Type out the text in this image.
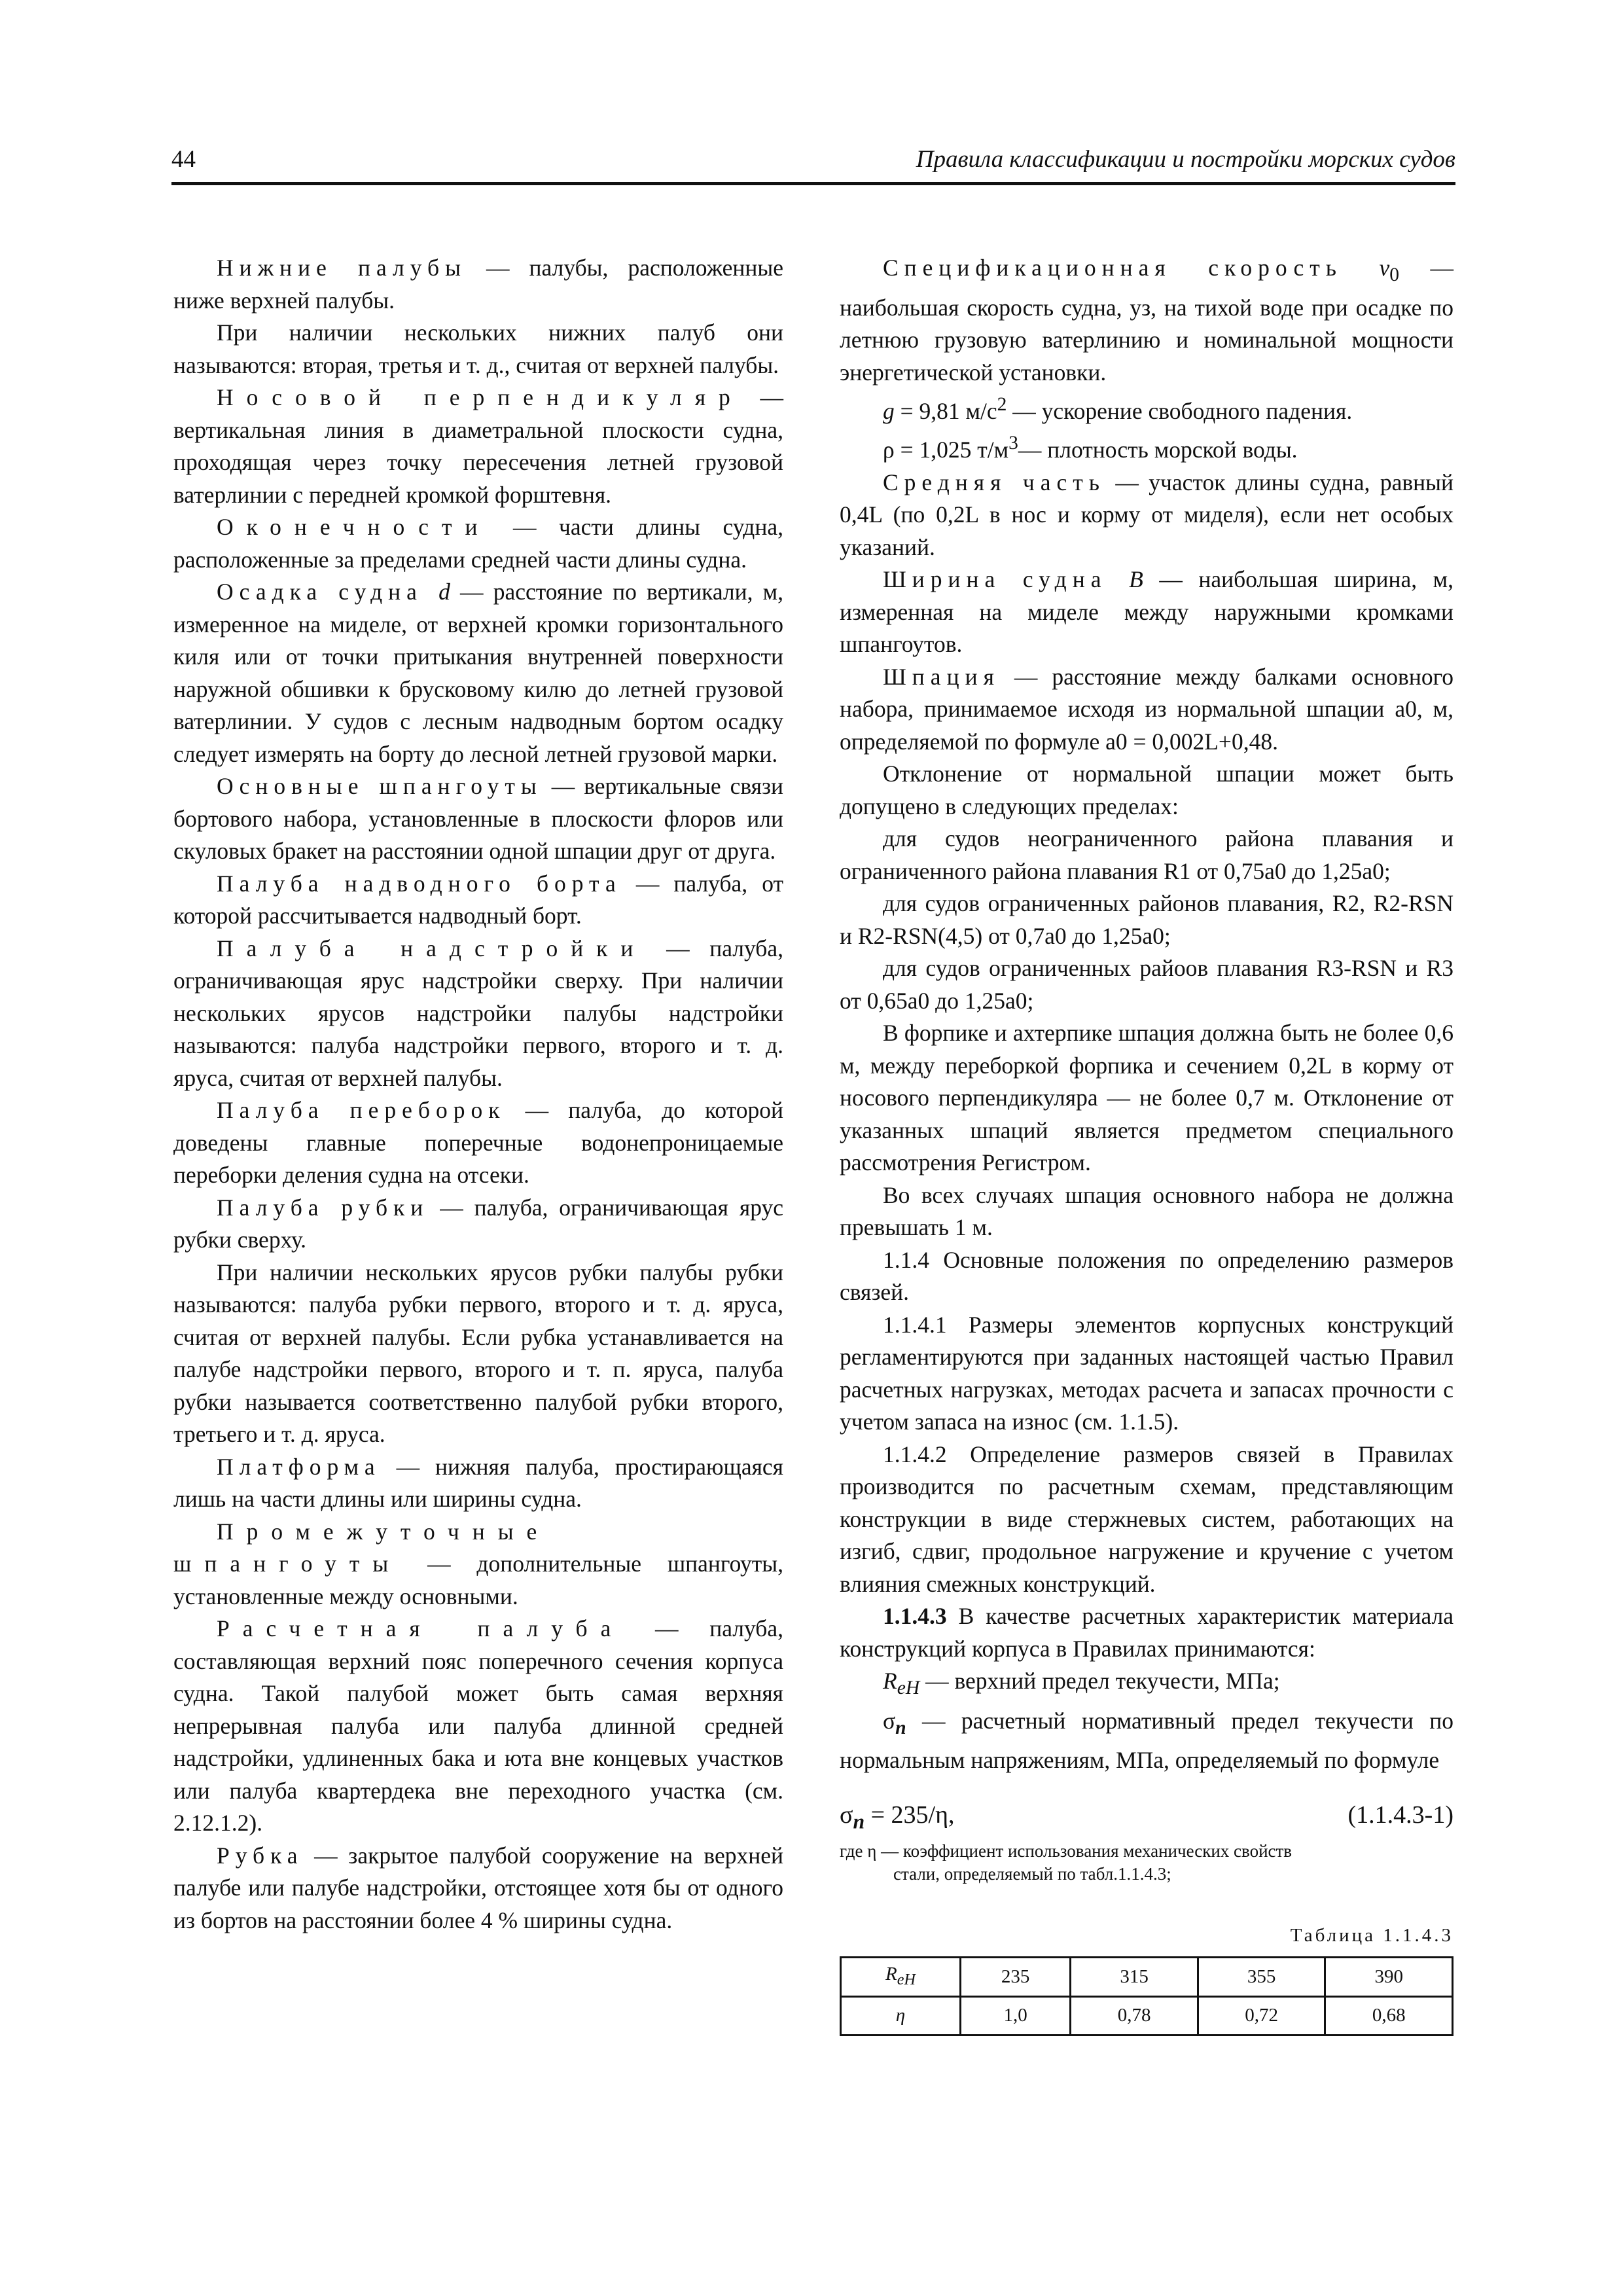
44	Правила классификации и постройки морских судов

Нижние палубы — палубы, расположенные ниже верхней палубы.

При наличии нескольких нижних палуб они называются: вторая, третья и т. д., считая от верхней палубы.

Носовой перпендикуляр — вертикальная линия в диаметральной плоскости судна, проходящая через точку пересечения летней грузовой ватерлинии с передней кромкой форштевня.

Оконечности — части длины судна, расположенные за пределами средней части длины судна.

Осадка судна d — расстояние по вертикали, м, измеренное на миделе, от верхней кромки горизонтального киля или от точки притыкания внутренней поверхности наружной обшивки к брусковому килю до летней грузовой ватерлинии. У судов с лесным надводным бортом осадку следует измерять на борту до лесной летней грузовой марки.

Основные шпангоуты — вертикальные связи бортового набора, установленные в плоскости флоров или скуловых бракет на расстоянии одной шпации друг от друга.

Палуба надводного борта — палуба, от которой рассчитывается надводный борт.

Палуба надстройки — палуба, ограничивающая ярус надстройки сверху. При наличии нескольких ярусов надстройки палубы надстройки называются: палуба надстройки первого, второго и т. д. яруса, считая от верхней палубы.

Палуба переборок — палуба, до которой доведены главные поперечные водонепроницаемые переборки деления судна на отсеки.

Палуба рубки — палуба, ограничивающая ярус рубки сверху.

При наличии нескольких ярусов рубки палубы рубки называются: палуба рубки первого, второго и т. д. яруса, считая от верхней палубы. Если рубка устанавливается на палубе надстройки первого, второго и т. п. яруса, палуба рубки называется соответственно палубой рубки второго, третьего и т. д. яруса.

Платформа — нижняя палуба, простирающаяся лишь на части длины или ширины судна.

Промежуточные шпангоуты — дополнительные шпангоуты, установленные между основными.

Расчетная палуба — палуба, составляющая верхний пояс поперечного сечения корпуса судна. Такой палубой может быть самая верхняя непрерывная палуба или палуба длинной средней надстройки, удлиненных бака и юта вне концевых участков или палуба квартердека вне переходного участка (см. 2.12.1.2).

Рубка — закрытое палубой сооружение на верхней палубе или палубе надстройки, отстоящее хотя бы от одного из бортов на расстоянии более 4 % ширины судна.

Спецификационная скорость $v_0$ — наибольшая скорость судна, уз, на тихой воде при осадке по летнюю грузовую ватерлинию и номинальной мощности энергетической установки.

g = 9,81 $м/с^2$ — ускорение свободного падения.

ρ = 1,025 $т/м^3—$ плотность морской воды.

Средняя часть — участок длины судна, равный 0,4L (по 0,2L в нос и корму от миделя), если нет особых указаний.

Ширина судна B — наибольшая ширина, м, измеренная на миделе между наружными кромками шпангоутов.

Шпация — расстояние между балками основного набора, принимаемое исходя из нормальной шпации a0, м, определяемой по формуле a0 = 0,002L+0,48.

Отклонение от нормальной шпации может быть допущено в следующих пределах:

для судов неограниченного района плавания и ограниченного района плавания R1 от 0,75a0 до 1,25a0;

для судов ограниченных районов плавания, R2, R2-RSN и R2-RSN(4,5) от 0,7a0 до 1,25a0;

для судов ограниченных райоов плавания R3-RSN и R3 от 0,65a0 до 1,25a0;

В форпике и ахтерпике шпация должна быть не более 0,6 м, между переборкой форпика и сечением 0,2L в корму от носового перпендикуляра — не более 0,7 м. Отклонение от указанных шпаций является предметом специального рассмотрения Регистром.

Во всех случаях шпация основного набора не должна превышать 1 м.

1.1.4 Основные положения по определению размеров связей.

1.1.4.1 Размеры элементов корпусных конструкций регламентируются при заданных настоящей частью Правил расчетных нагрузках, методах расчета и запасах прочности с учетом запаса на износ (см. 1.1.5).

1.1.4.2 Определение размеров связей в Правилах производится по расчетным схемам, представляющим конструкции в виде стержневых систем, работающих на изгиб, сдвиг, продольное нагружение и кручение с учетом влияния смежных конструкций.

1.1.4.3 В качестве расчетных характеристик материала конструкций корпуса в Правилах принимаются:

$R_{eH}$ — верхний предел текучести, МПа;

$\sigma_n$ — расчетный нормативный предел текучести по нормальным напряжениям, МПа, определяемый по формуле

$\sigma_n = 235/\eta$,	(1.1.4.3-1)

где η — коэффициент использования механических свойств
стали, определяемый по табл.1.1.4.3;

Таблица 1.1.4.3
$R_{eH}$	235	315	355	390
η	1,0	0,78	0,72	0,68
